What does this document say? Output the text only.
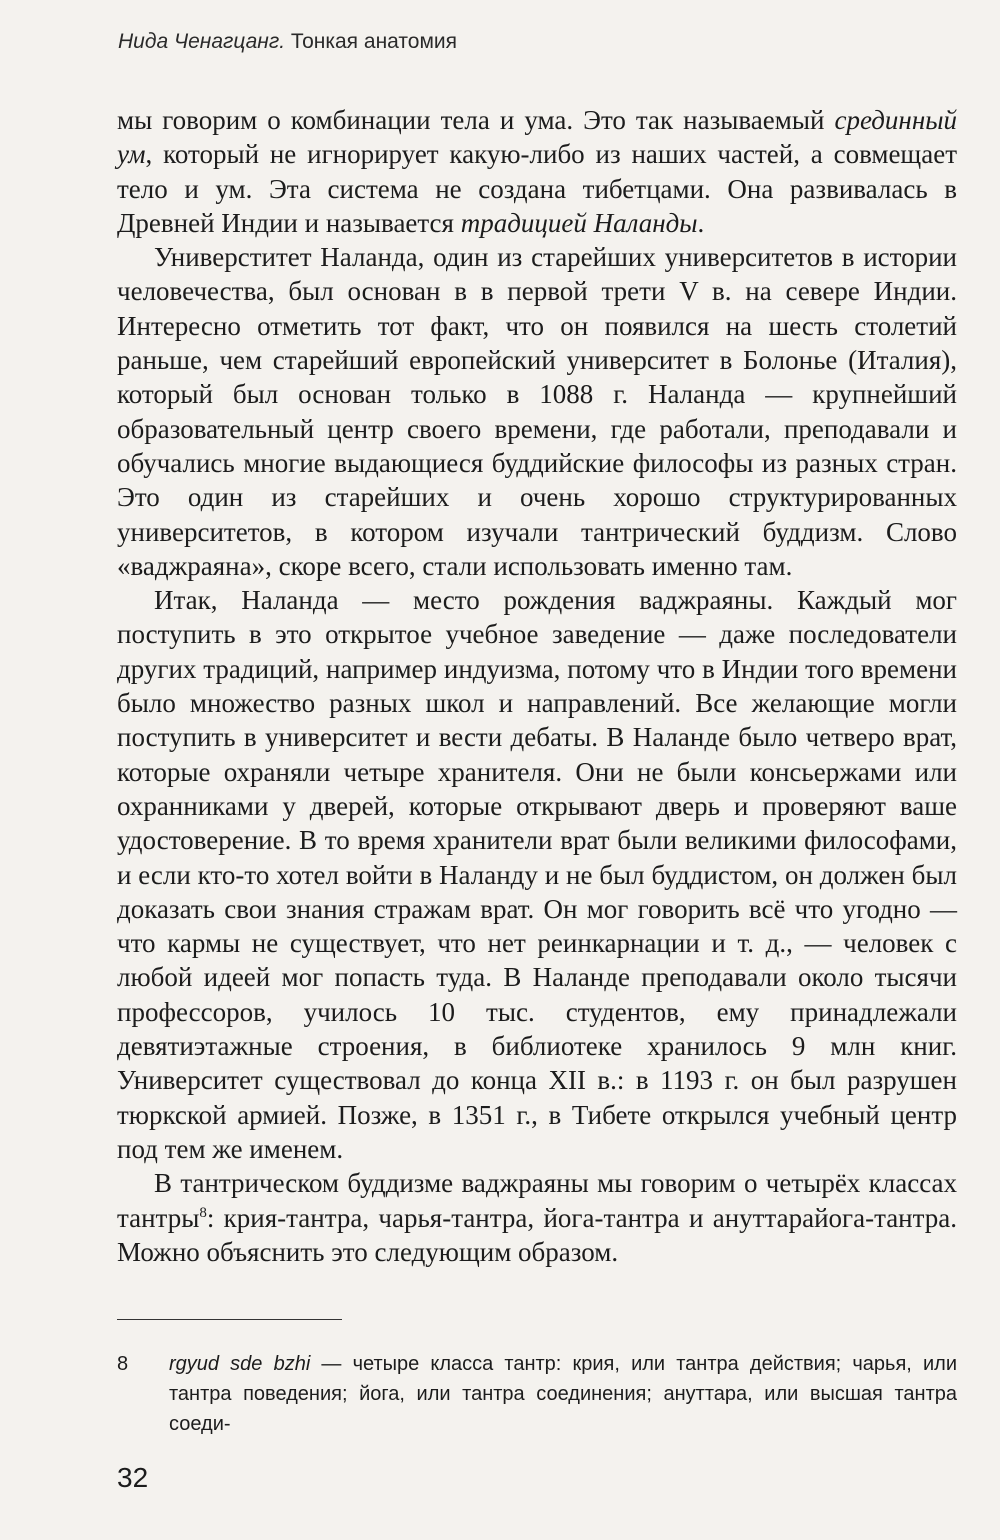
Нида Ченагцанг. Тонкая анатомия

мы говорим о комбинации тела и ума. Это так называемый срединный ум, который не игнорирует какую-либо из наших частей, а совмещает тело и ум. Эта система не создана тибетцами. Она развивалась в Древней Индии и называется традицией Наланды.

Универститет Наланда, один из старейших университетов в истории человечества, был основан в в первой трети V в. на севере Индии. Интересно отметить тот факт, что он появился на шесть столетий раньше, чем старейший европейский университет в Болонье (Италия), который был основан только в 1088 г. Наланда — крупнейший образовательный центр своего времени, где работали, преподавали и обучались многие выдающиеся буддийские философы из разных стран. Это один из старейших и очень хорошо структурированных университетов, в котором изучали тантрический буддизм. Слово «ваджраяна», скоре всего, стали использовать именно там.

Итак, Наланда — место рождения ваджраяны. Каждый мог поступить в это открытое учебное заведение — даже последователи других традиций, например индуизма, потому что в Индии того времени было множество разных школ и направлений. Все желающие могли поступить в университет и вести дебаты. В Наланде было четверо врат, которые охраняли четыре хранителя. Они не были консьержами или охранниками у дверей, которые открывают дверь и проверяют ваше удостоверение. В то время хранители врат были великими философами, и если кто-то хотел войти в Наланду и не был буддистом, он должен был доказать свои знания стражам врат. Он мог говорить всё что угодно — что кармы не существует, что нет реинкарнации и т. д., — человек с любой идеей мог попасть туда. В Наланде преподавали около тысячи профессоров, училось 10 тыс. студентов, ему принадлежали девятиэтажные строения, в библиотеке хранилось 9 млн книг. Университет существовал до конца XII в.: в 1193 г. он был разрушен тюркской армией. Позже, в 1351 г., в Тибете открылся учебный центр под тем же именем.

В тантрическом буддизме ваджраяны мы говорим о четырёх классах тантры$^8$: крия-тантра, чарья-тантра, йога-тантра и ануттарайога-тантра. Можно объяснить это следующим образом.

8 rgyud sde bzhi — четыре класса тантр: крия, или тантра действия; чарья, или тантра поведения; йога, или тантра соединения; ануттара, или высшая тантра соеди-
32
